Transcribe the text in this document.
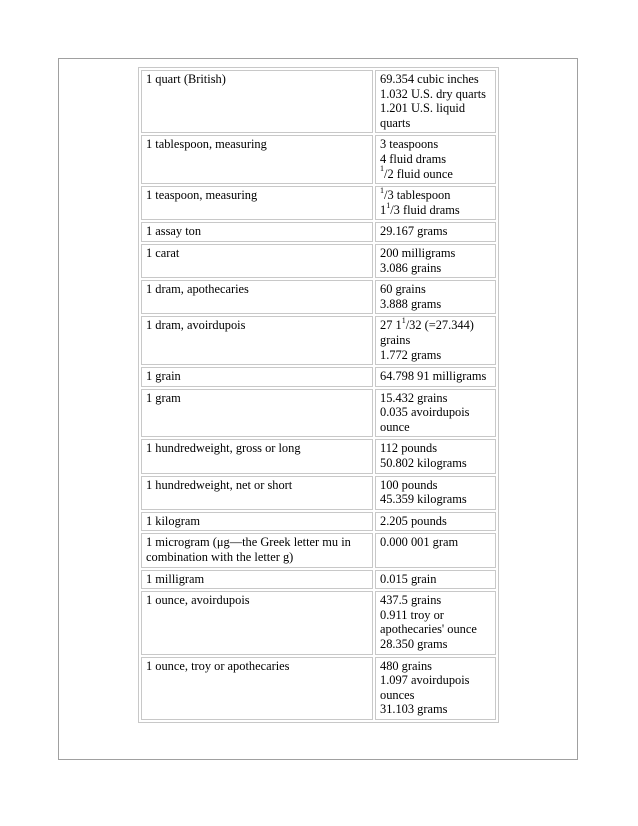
1 quart (British)	69.354 cubic inches
1.032 U.S. dry quarts
1.201 U.S. liquid quarts

1 tablespoon, measuring	3 teaspoons
4 fluid drams
$^1$/2 fluid ounce

1 teaspoon, measuring	$^1$/3 tablespoon
$1^1/3$ fluid drams

1 assay ton	29.167 grams

1 carat	200 milligrams
3.086 grains

1 dram, apothecaries	60 grains
3.888 grams

1 dram, avoirdupois	27 $1^1/32$ (=27.344) grains
1.772 grams

1 grain	64.798 91 milligrams

1 gram	15.432 grains
0.035 avoirdupois ounce

1 hundredweight, gross or long	112 pounds
50.802 kilograms

1 hundredweight, net or short	100 pounds
45.359 kilograms

1 kilogram	2.205 pounds

1 microgram (μg—the Greek letter mu in combination with the letter g)	0.000 001 gram

1 milligram	0.015 grain

1 ounce, avoirdupois	437.5 grains
0.911 troy or apothecaries' ounce
28.350 grams

1 ounce, troy or apothecaries	480 grains
1.097 avoirdupois ounces
31.103 grams
